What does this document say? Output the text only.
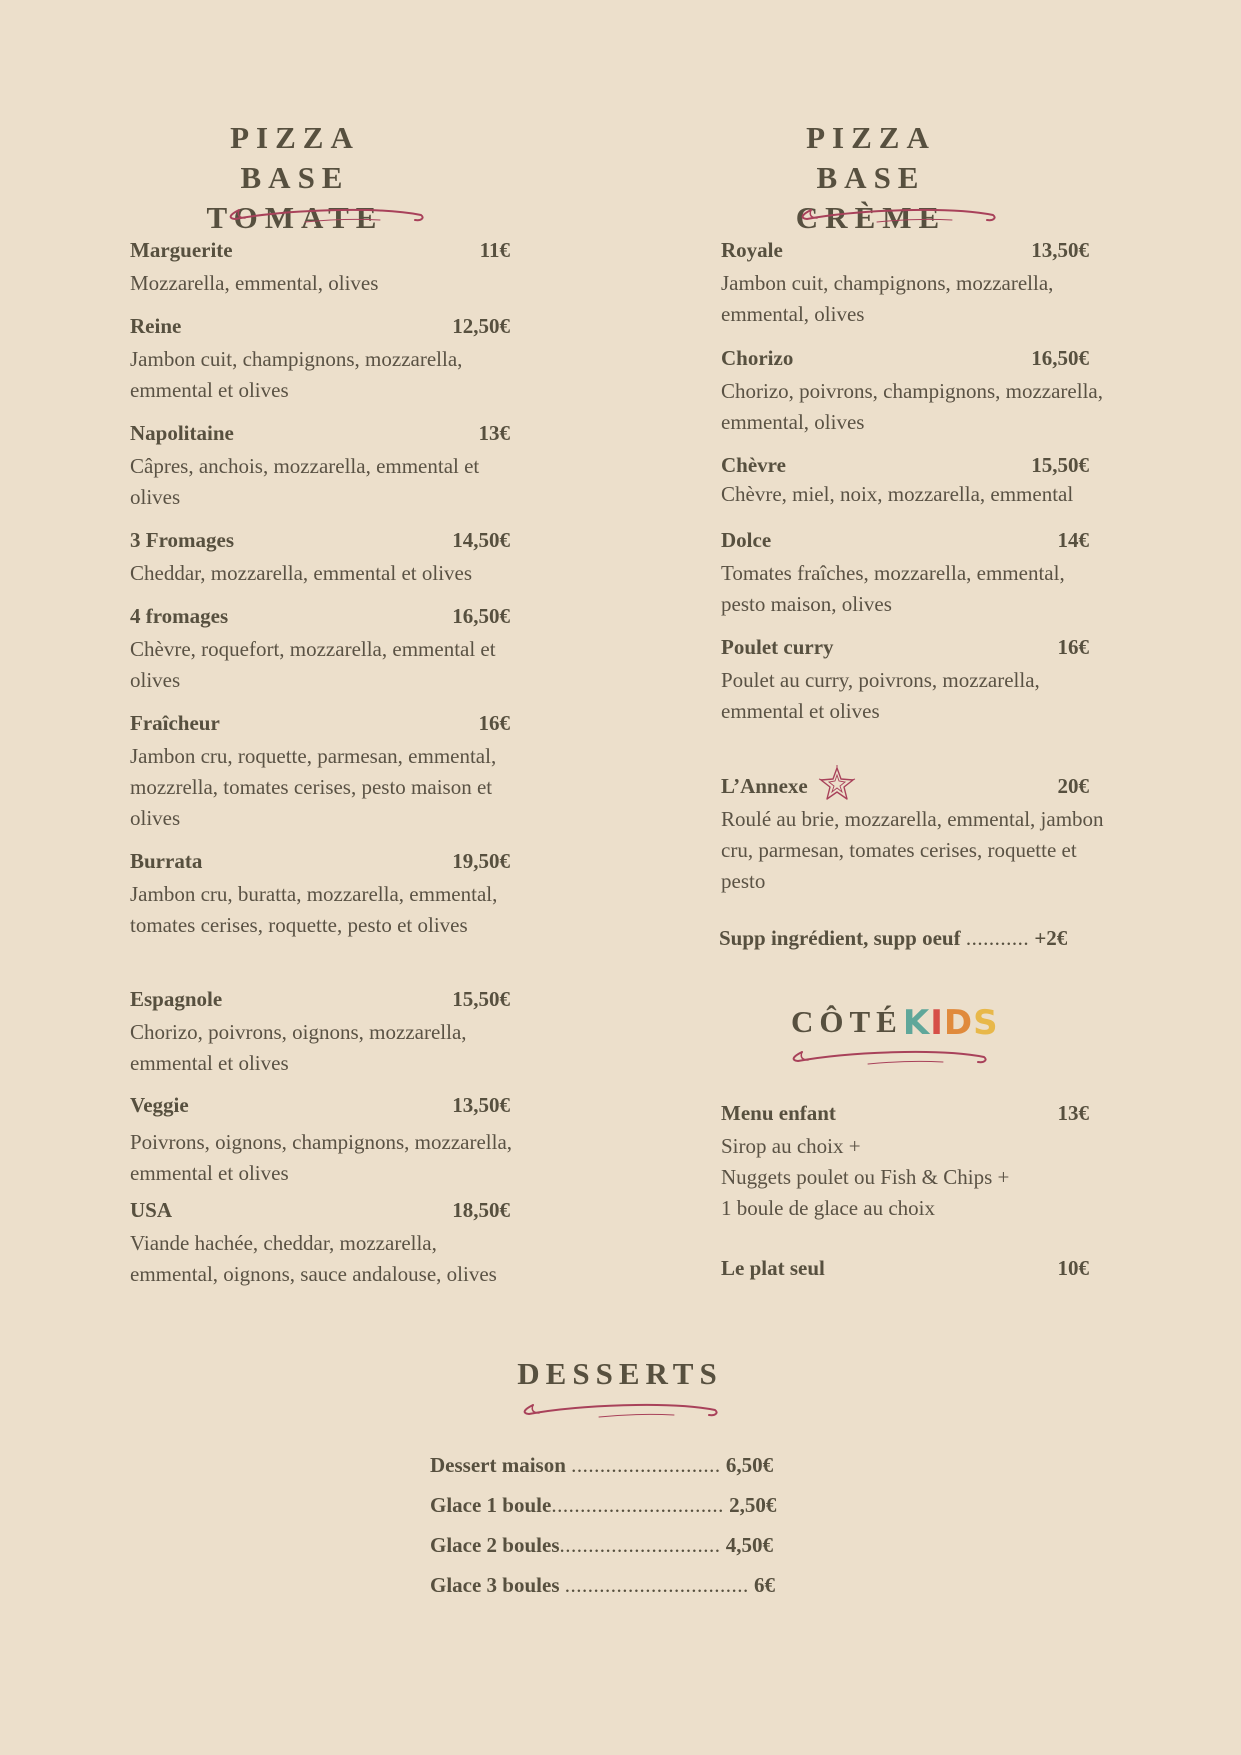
PIZZA BASE
TOMATE
Marguerite	11€
Mozzarella, emmental, olives
Reine	12,50€
Jambon cuit, champignons, mozzarella, emmental et olives
Napolitaine	13€
Câpres, anchois, mozzarella, emmental et olives
3 Fromages	14,50€
Cheddar, mozzarella, emmental et olives
4 fromages	16,50€
Chèvre, roquefort, mozzarella, emmental et olives
Fraîcheur	16€
Jambon cru, roquette, parmesan, emmental, mozzrella, tomates cerises, pesto maison et olives
Burrata	19,50€
Jambon cru, buratta, mozzarella, emmental, tomates cerises, roquette, pesto et olives
Espagnole	15,50€
Chorizo, poivrons, oignons, mozzarella, emmental et olives
Veggie	13,50€
Poivrons, oignons, champignons, mozzarella, emmental et olives
USA	18,50€
Viande hachée, cheddar, mozzarella, emmental, oignons, sauce andalouse, olives
PIZZA BASE
CRÈME
Royale	13,50€
Jambon cuit, champignons, mozzarella, emmental, olives
Chorizo	16,50€
Chorizo, poivrons, champignons, mozzarella, emmental, olives
Chèvre	15,50€
Chèvre, miel, noix, mozzarella, emmental
Dolce	14€
Tomates fraîches, mozzarella, emmental, pesto maison, olives
Poulet curry	16€
Poulet au curry, poivrons, mozzarella, emmental et olives
L’Annexe	20€
Roulé au brie, mozzarella, emmental, jambon cru, parmesan, tomates cerises, roquette et pesto
Supp ingrédient, supp oeuf ........... +2€
CÔTÉKIDS
Menu enfant	13€
Sirop au choix +
Nuggets poulet ou Fish & Chips +
1 boule de glace au choix
Le plat seul	10€
DESSERTS
Dessert maison .......................... 6,50€
Glace 1 boule.............................. 2,50€
Glace 2 boules............................ 4,50€
Glace 3 boules ................................ 6€
